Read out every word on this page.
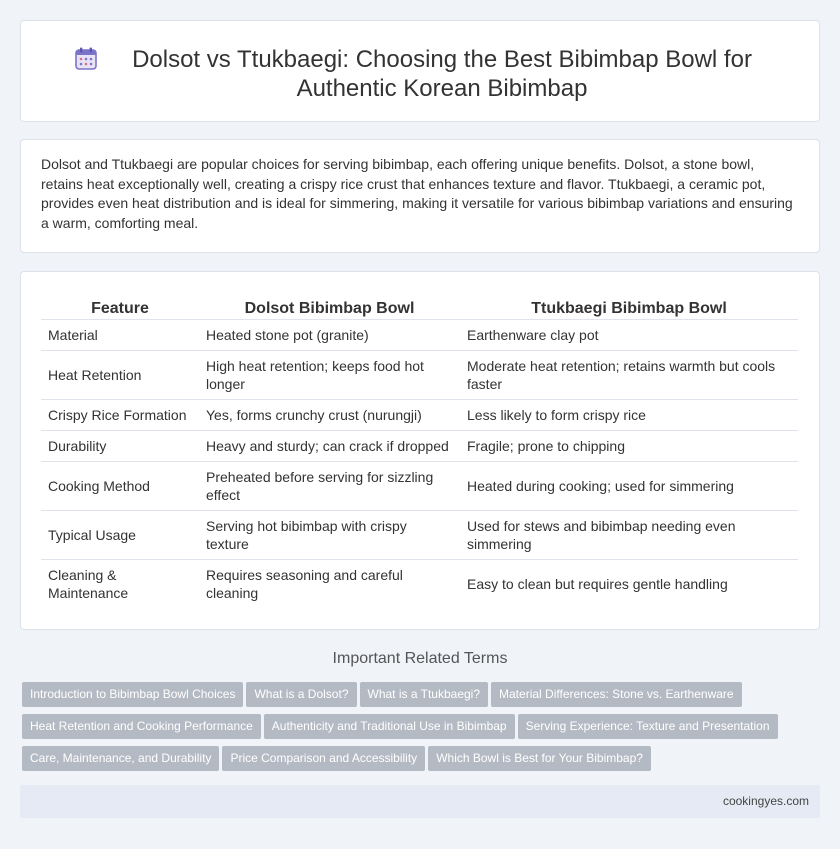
Dolsot vs Ttukbaegi: Choosing the Best Bibimbap Bowl for Authentic Korean Bibimbap

Dolsot and Ttukbaegi are popular choices for serving bibimbap, each offering unique benefits. Dolsot, a stone bowl, retains heat exceptionally well, creating a crispy rice crust that enhances texture and flavor. Ttukbaegi, a ceramic pot, provides even heat distribution and is ideal for simmering, making it versatile for various bibimbap variations and ensuring a warm, comforting meal.

Feature	Dolsot Bibimbap Bowl	Ttukbaegi Bibimbap Bowl
Material	Heated stone pot (granite)	Earthenware clay pot
Heat Retention	High heat retention; keeps food hot longer	Moderate heat retention; retains warmth but cools faster
Crispy Rice Formation	Yes, forms crunchy crust (nurungji)	Less likely to form crispy rice
Durability	Heavy and sturdy; can crack if dropped	Fragile; prone to chipping
Cooking Method	Preheated before serving for sizzling effect	Heated during cooking; used for simmering
Typical Usage	Serving hot bibimbap with crispy texture	Used for stews and bibimbap needing even simmering
Cleaning & Maintenance	Requires seasoning and careful cleaning	Easy to clean but requires gentle handling
Important Related Terms
Introduction to Bibimbap Bowl Choices What is a Dolsot? What is a Ttukbaegi? Material Differences: Stone vs. Earthenware
Heat Retention and Cooking Performance Authenticity and Traditional Use in Bibimbap Serving Experience: Texture and Presentation
Care, Maintenance, and Durability Price Comparison and Accessibility Which Bowl is Best for Your Bibimbap?
cookingyes.com
